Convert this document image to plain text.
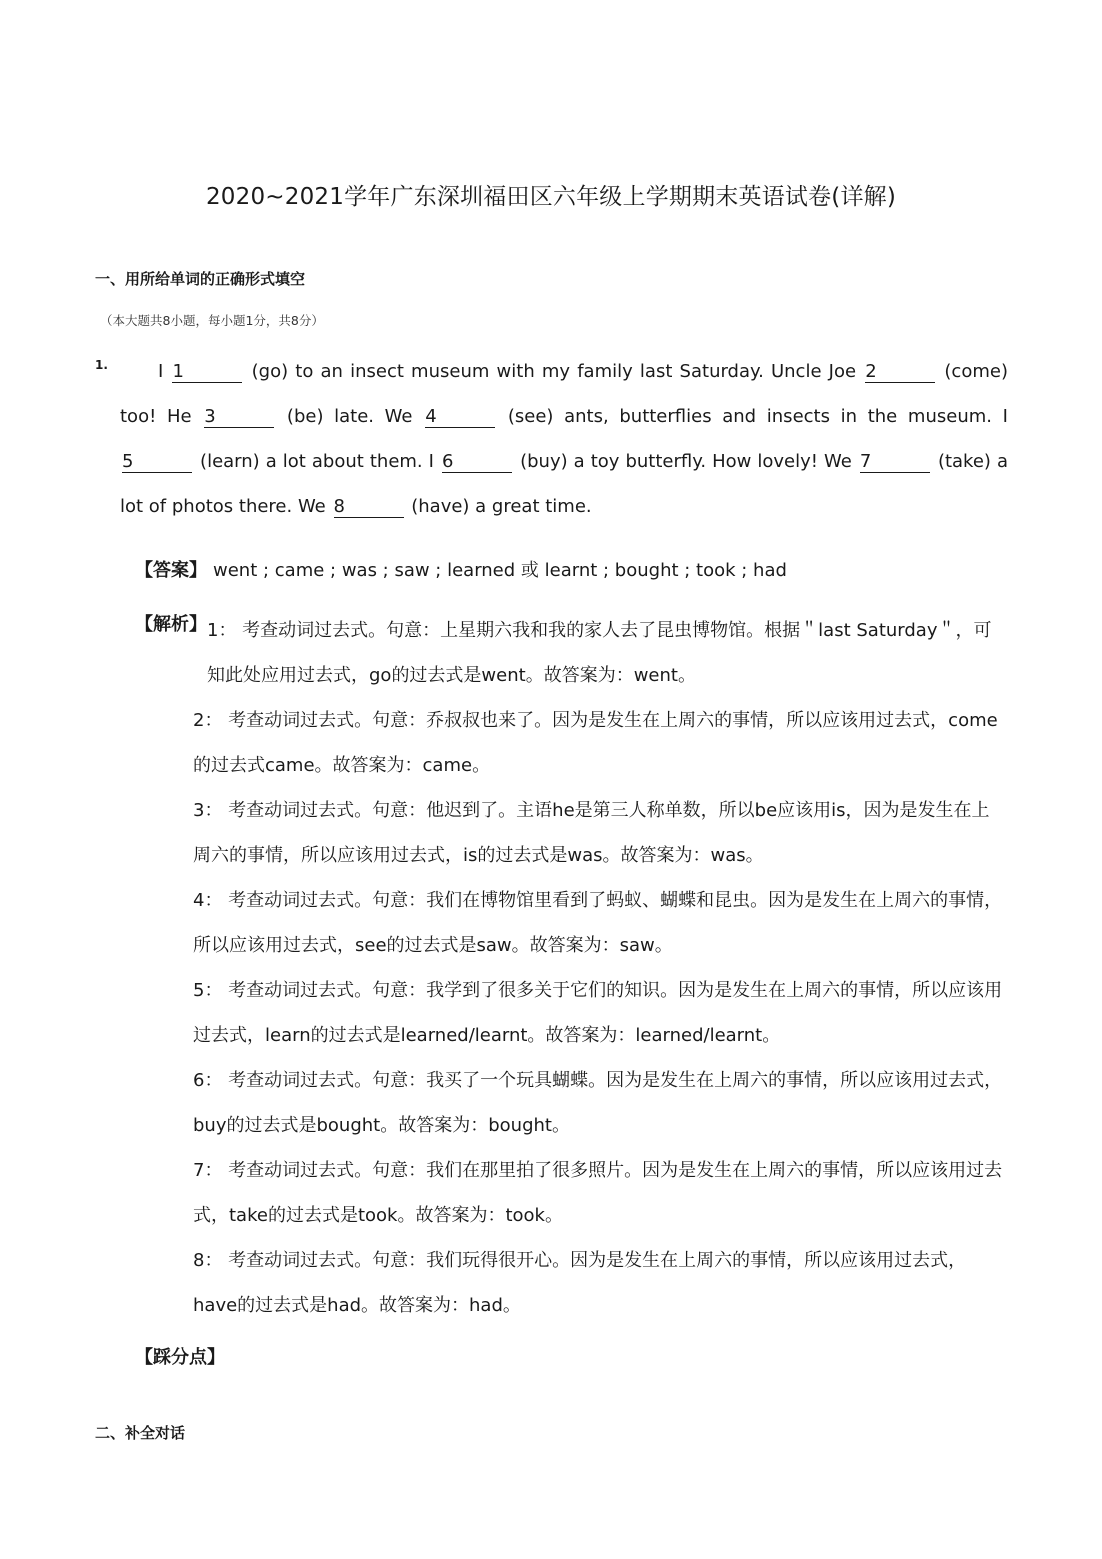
2020~2021学年广东深圳福田区六年级上学期期末英语试卷(详解)
一、用所给单词的正确形式填空
（本大题共8小题，每小题1分，共8分）
1.	I 1	(go) to an insect museum with my family last Saturday. Uncle Joe 2	(come) too! He 3	(be) late. We 4	(see) ants, butterflies and insects in the museum. I 5	(learn) a lot about them. I 6	(buy) a toy butterfly. How lovely! We 7	(take) a lot of photos there. We 8	(have) a great time.
【答案】 went ; came ; was ; saw ; learned 或 learnt ; bought ; took ; had
【解析】 1： 考查动词过去式。句意：上星期六我和我的家人去了昆虫博物馆。根据＂last Saturday＂，可知此处应用过去式，go的过去式是went。故答案为：went。
2： 考查动词过去式。句意：乔叔叔也来了。因为是发生在上周六的事情，所以应该用过去式，come的过去式came。故答案为：came。
3： 考查动词过去式。句意：他迟到了。主语he是第三人称单数，所以be应该用is，因为是发生在上周六的事情，所以应该用过去式，is的过去式是was。故答案为：was。
4： 考查动词过去式。句意：我们在博物馆里看到了蚂蚁、蝴蝶和昆虫。因为是发生在上周六的事情，所以应该用过去式，see的过去式是saw。故答案为：saw。
5： 考查动词过去式。句意：我学到了很多关于它们的知识。因为是发生在上周六的事情，所以应该用过去式，learn的过去式是learned/learnt。故答案为：learned/learnt。
6： 考查动词过去式。句意：我买了一个玩具蝴蝶。因为是发生在上周六的事情，所以应该用过去式，buy的过去式是bought。故答案为：bought。
7： 考查动词过去式。句意：我们在那里拍了很多照片。因为是发生在上周六的事情，所以应该用过去式，take的过去式是took。故答案为：took。
8： 考查动词过去式。句意：我们玩得很开心。因为是发生在上周六的事情，所以应该用过去式，have的过去式是had。故答案为：had。
【踩分点】
二、补全对话
